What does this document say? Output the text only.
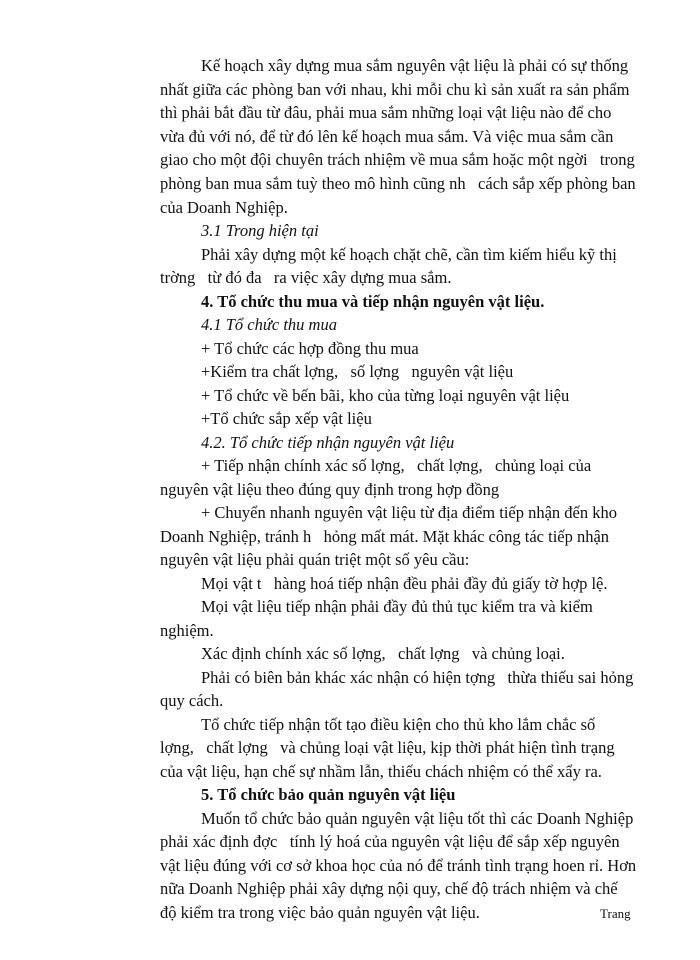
Kế hoạch xây dựng mua sắm nguyên vật liệu là phải có sự thống
nhất giữa các phòng ban với nhau, khi mỗi chu kì sản xuất ra sản phẩm
thì phải bắt đầu từ đâu, phải mua sắm những loại vật liệu nào để cho
vừa đủ với nó, để từ đó lên kế hoạch mua sắm. Và việc mua sắm cần
giao cho một đội chuyên trách nhiệm về mua sắm hoặc một ngời   trong
phòng ban mua sắm tuỳ theo mô hình cũng nh   cách sắp xếp phòng ban
của Doanh Nghiệp.
3.1 Trong hiện tại
Phải xây dựng một kế hoạch chặt chẽ, cần tìm kiếm hiểu kỹ thị
trờng   từ đó đa   ra việc xây dựng mua sắm.
4. Tổ chức thu mua và tiếp nhận nguyên vật liệu.
4.1 Tổ chức thu mua
+ Tổ chức các hợp đồng thu mua
+Kiểm tra chất lợng,   số lợng   nguyên vật liệu
+ Tổ chức về bến bãi, kho của từng loại nguyên vật liệu
+Tổ chức sắp xếp vật liệu
4.2. Tổ chức tiếp nhận nguyên vật liệu
+ Tiếp nhận chính xác số lợng,   chất lợng,   chủng loại của
nguyên vật liệu theo đúng quy định trong hợp đồng
+ Chuyển nhanh nguyên vật liệu từ địa điểm tiếp nhận đến kho
Doanh Nghiệp, tránh h   hỏng mất mát. Mặt khác công tác tiếp nhận
nguyên vật liệu phải quán triệt một số yêu cầu:
Mọi vật t   hàng hoá tiếp nhận đều phải đầy đủ giấy tờ hợp lệ.
Mọi vật liệu tiếp nhận phải đầy đủ thủ tục kiểm tra và kiểm
nghiệm.
Xác định chính xác số lợng,   chất lợng   và chủng loại.
Phải có biên bản khác xác nhận có hiện tợng   thừa thiếu sai hỏng
quy cách.
Tổ chức tiếp nhận tốt tạo điều kiện cho thủ kho lắm chắc số
lợng,   chất lợng   và chủng loại vật liệu, kịp thời phát hiện tình trạng
của vật liệu, hạn chế sự nhầm lẫn, thiếu chách nhiệm có thể xẩy ra.
5. Tổ chức bảo quản nguyên vật liệu
Muốn tổ chức bảo quản nguyên vật liệu tốt thì các Doanh Nghiệp
phải xác định đợc   tính lý hoá của nguyên vật liệu để sắp xếp nguyên
vật liệu đúng với cơ sở khoa học của nó để tránh tình trạng hoen rỉ. Hơn
nữa Doanh Nghiệp phải xây dựng nội quy, chế độ trách nhiệm và chế
độ kiểm tra trong việc bảo quản nguyên vật liệu.	Trang
